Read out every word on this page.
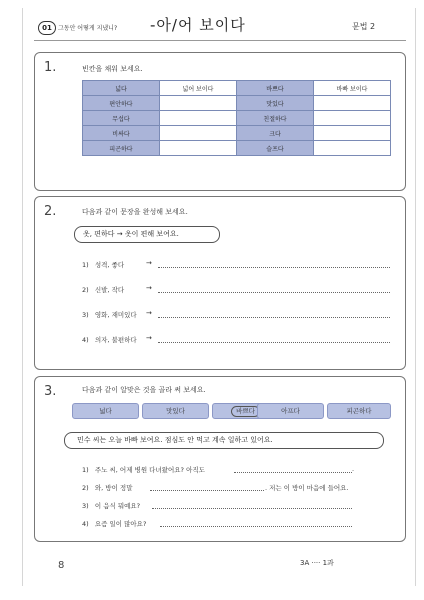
01	그동안 어떻게 지냈니? -아/어 보이다	문법 2
1.	빈칸을 채워 보세요.
넓다	넓어 보이다	바쁘다	바빠 보이다
편안하다		맛있다	
무섭다		친절하다	
비싸다		크다	
피곤하다		슬프다	
2.	다음과 같이 문장을 완성해 보세요.
옷, 편하다 → 옷이 편해 보여요.
1) 성격, 좋다	→
2) 신발, 작다	→
3) 영화, 재미있다 →
4) 의자, 불편하다 →
3.	다음과 같이 알맞은 것을 골라 써 보세요.
넓다	맛있다	바쁘다	아프다	피곤하다
민수 씨는 오늘 바빠 보여요. 점심도 안 먹고 계속 일하고 있어요.
1) 주노 씨, 어제 병원 다녀왔어요? 아직도	.
2) 와, 방이 정말	. 저는 이 방이 마음에 들어요.
3) 이 음식 뭐예요?
4) 요즘 일이 많아요?
8	3A ···· 1과
